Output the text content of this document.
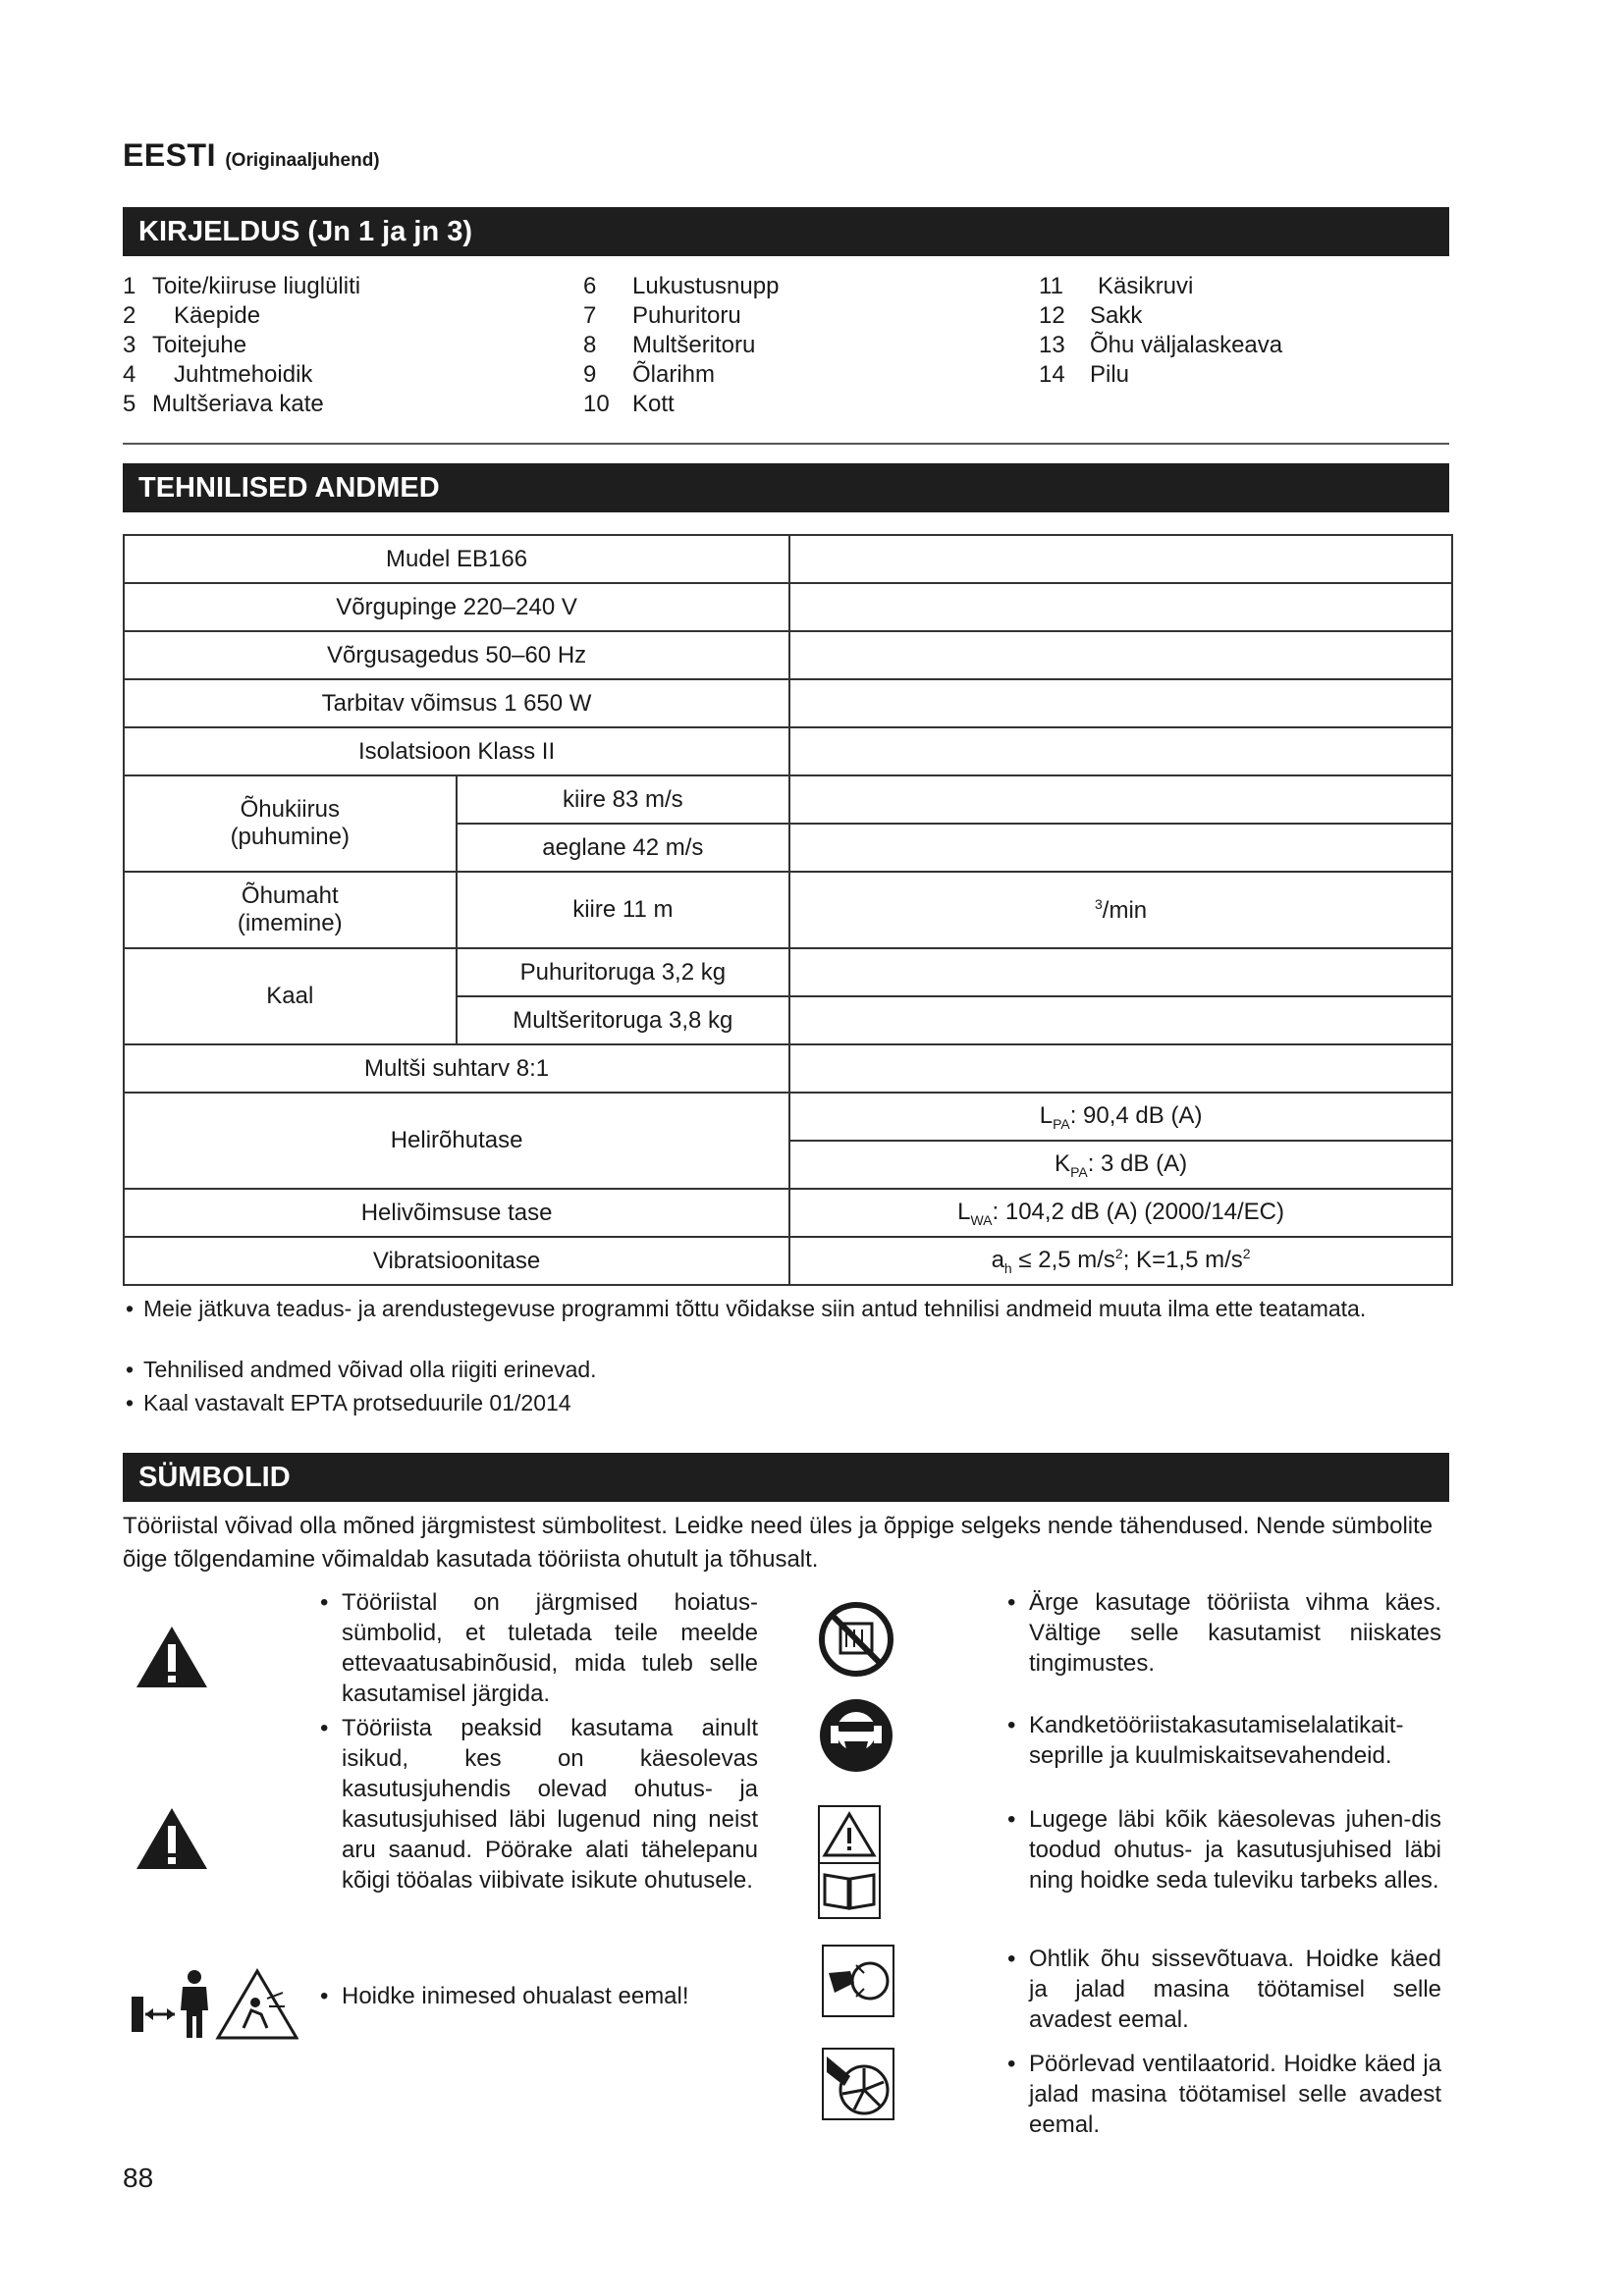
EESTI (Originaaljuhend)
KIRJELDUS (Jn 1 ja jn 3)
1 Toite/kiiruse liuglüliti
2 Käepide
3 Toitejuhe
4 Juhtmehoidik
5 Multšeriava kate
6 Lukustusnupp
7 Puhuritoru
8 Multšeritoru
9 Õlarihm
10 Kott
11 Käsikruvi
12 Sakk
13 Õhu väljalaskeava
14 Pilu
TEHNILISED ANDMED
Mudel EB166		
Võrgupinge 220–240 V		
Võrgusagedus 50–60 Hz		
Tarbitav võimsus 1 650 W		
Isolatsioon Klass II		

Õhukiirus
(puhumine)	kiire 83 m/s	
	aeglane 42 m/s	

Õhumaht
(imemine)	kiire 11 m	$^3$/min
Kaal	Puhuritoruga 3,2 kg	
	Multšeritoruga 3,8 kg	
Multši suhtarv 8:1		
Helirõhutase		$L_{PA}$: 90,4 dB (A)
		$K_{PA}$: 3 dB (A)
Helivõimsuse tase		$L_{WA}$: 104,2 dB (A) (2000/14/EC)
Vibratsioonitase		$a_h \le 2,5$ $m/s^2$; K=1,5 $m/s^2$
• Meie jätkuva teadus- ja arendustegevuse programmi tõttu võidakse siin antud tehnilisi andmeid muuta ilma ette teatamata.
• Tehnilised andmed võivad olla riigiti erinevad.
• Kaal vastavalt EPTA protseduurile 01/2014
SÜMBOLID
Tööriistal võivad olla mõned järgmistest sümbolitest. Leidke need üles ja õppige selgeks nende tähendused. Nende sümbolite õige tõlgendamine võimaldab kasutada tööriista ohutult ja tõhusalt.
• Tööriistal on järgmised hoiatus-sümbolid, et tuletada teile meelde ettevaatusabinõusid, mida tuleb selle kasutamisel järgida.
• Tööriista peaksid kasutama ainult isikud, kes on käesolevas kasutusjuhendis olevad ohutus- ja kasutusjuhised läbi lugenud ning neist aru saanud. Pöörake alati tähelepanu kõigi tööalas viibivate isikute ohutusele.
• Hoidke inimesed ohualast eemal!
• Ärge kasutage tööriista vihma käes. Vältige selle kasutamist niiskates tingimustes.
• Kandketööriistakasutamiselalatikait-seprille ja kuulmiskaitsevahendeid.
• Lugege läbi kõik käesolevas juhen-dis toodud ohutus- ja kasutusjuhised läbi ning hoidke seda tuleviku tarbeks alles.
• Ohtlik õhu sissevõtuava. Hoidke käed ja jalad masina töötamisel selle avadest eemal.
• Pöörlevad ventilaatorid. Hoidke käed ja jalad masina töötamisel selle avadest eemal.
88
